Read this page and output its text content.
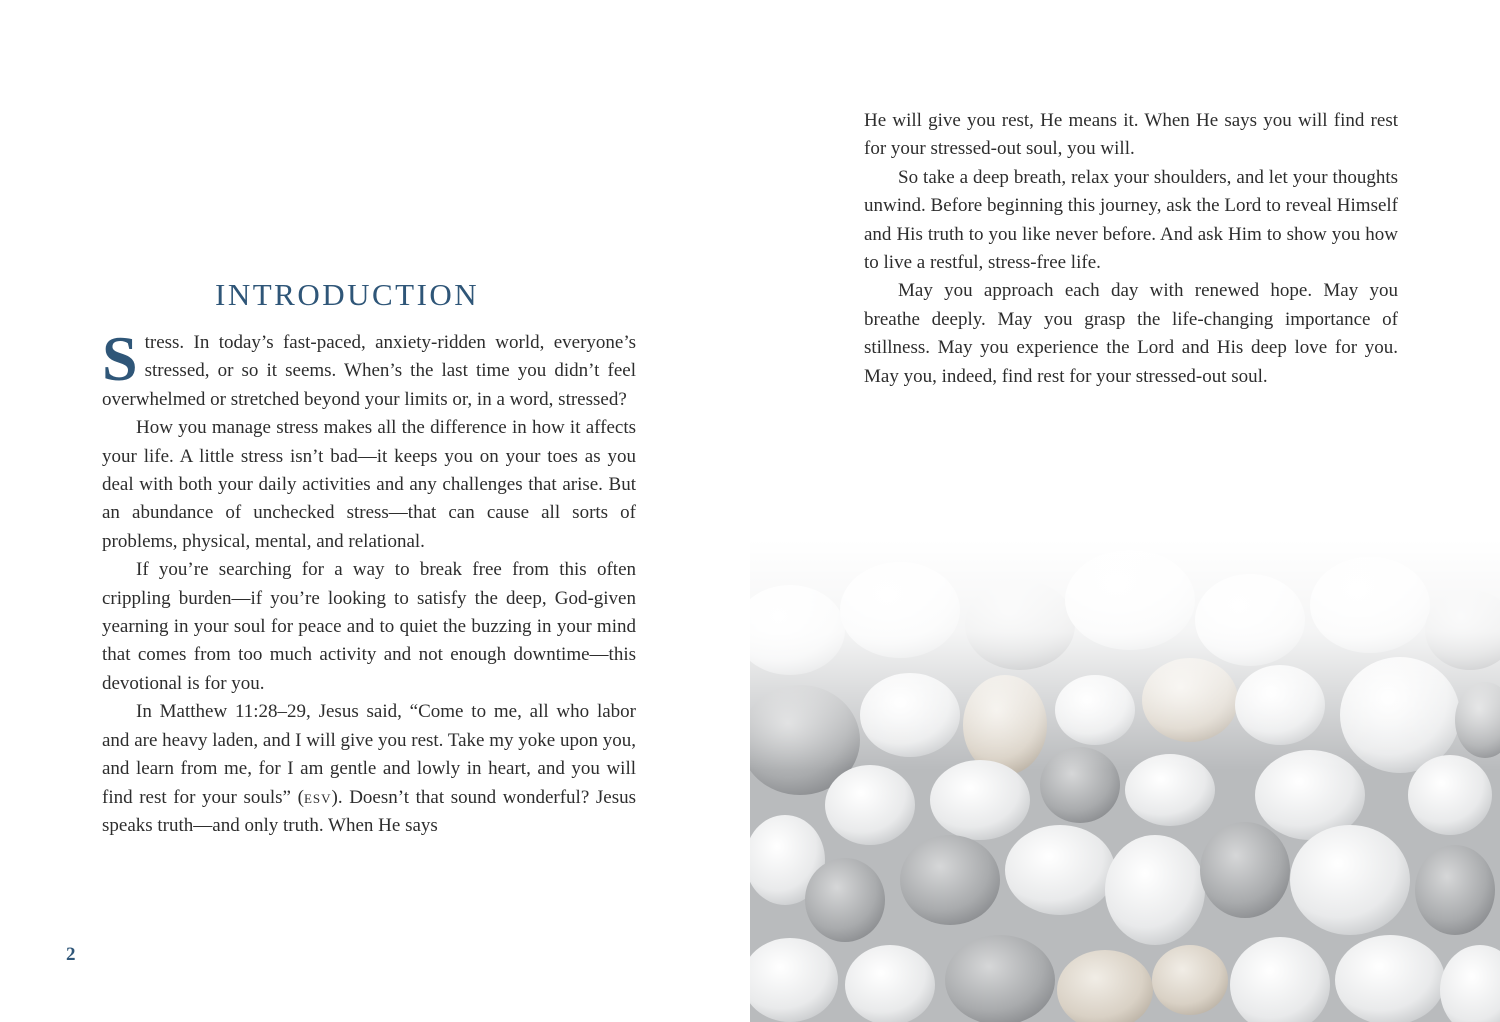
INTRODUCTION

Stress. In today’s fast-paced, anxiety-ridden world, everyone’s stressed, or so it seems. When’s the last time you didn’t feel overwhelmed or stretched beyond your limits or, in a word, stressed?

How you manage stress makes all the difference in how it affects your life. A little stress isn’t bad—it keeps you on your toes as you deal with both your daily activities and any challenges that arise. But an abundance of unchecked stress—that can cause all sorts of problems, physical, mental, and relational.

If you’re searching for a way to break free from this often crippling burden—if you’re looking to satisfy the deep, God-given yearning in your soul for peace and to quiet the buzzing in your mind that comes from too much activity and not enough downtime—this devotional is for you.

In Matthew 11:28–29, Jesus said, “Come to me, all who labor and are heavy laden, and I will give you rest. Take my yoke upon you, and learn from me, for I am gentle and lowly in heart, and you will find rest for your souls” (esv). Doesn’t that sound wonderful? Jesus speaks truth—and only truth. When He says

2

He will give you rest, He means it. When He says you will find rest for your stressed-out soul, you will.

So take a deep breath, relax your shoulders, and let your thoughts unwind. Before beginning this journey, ask the Lord to reveal Himself and His truth to you like never before. And ask Him to show you how to live a restful, stress-free life.

May you approach each day with renewed hope. May you breathe deeply. May you grasp the life-changing importance of stillness. May you experience the Lord and His deep love for you. May you, indeed, find rest for your stressed-out soul.
